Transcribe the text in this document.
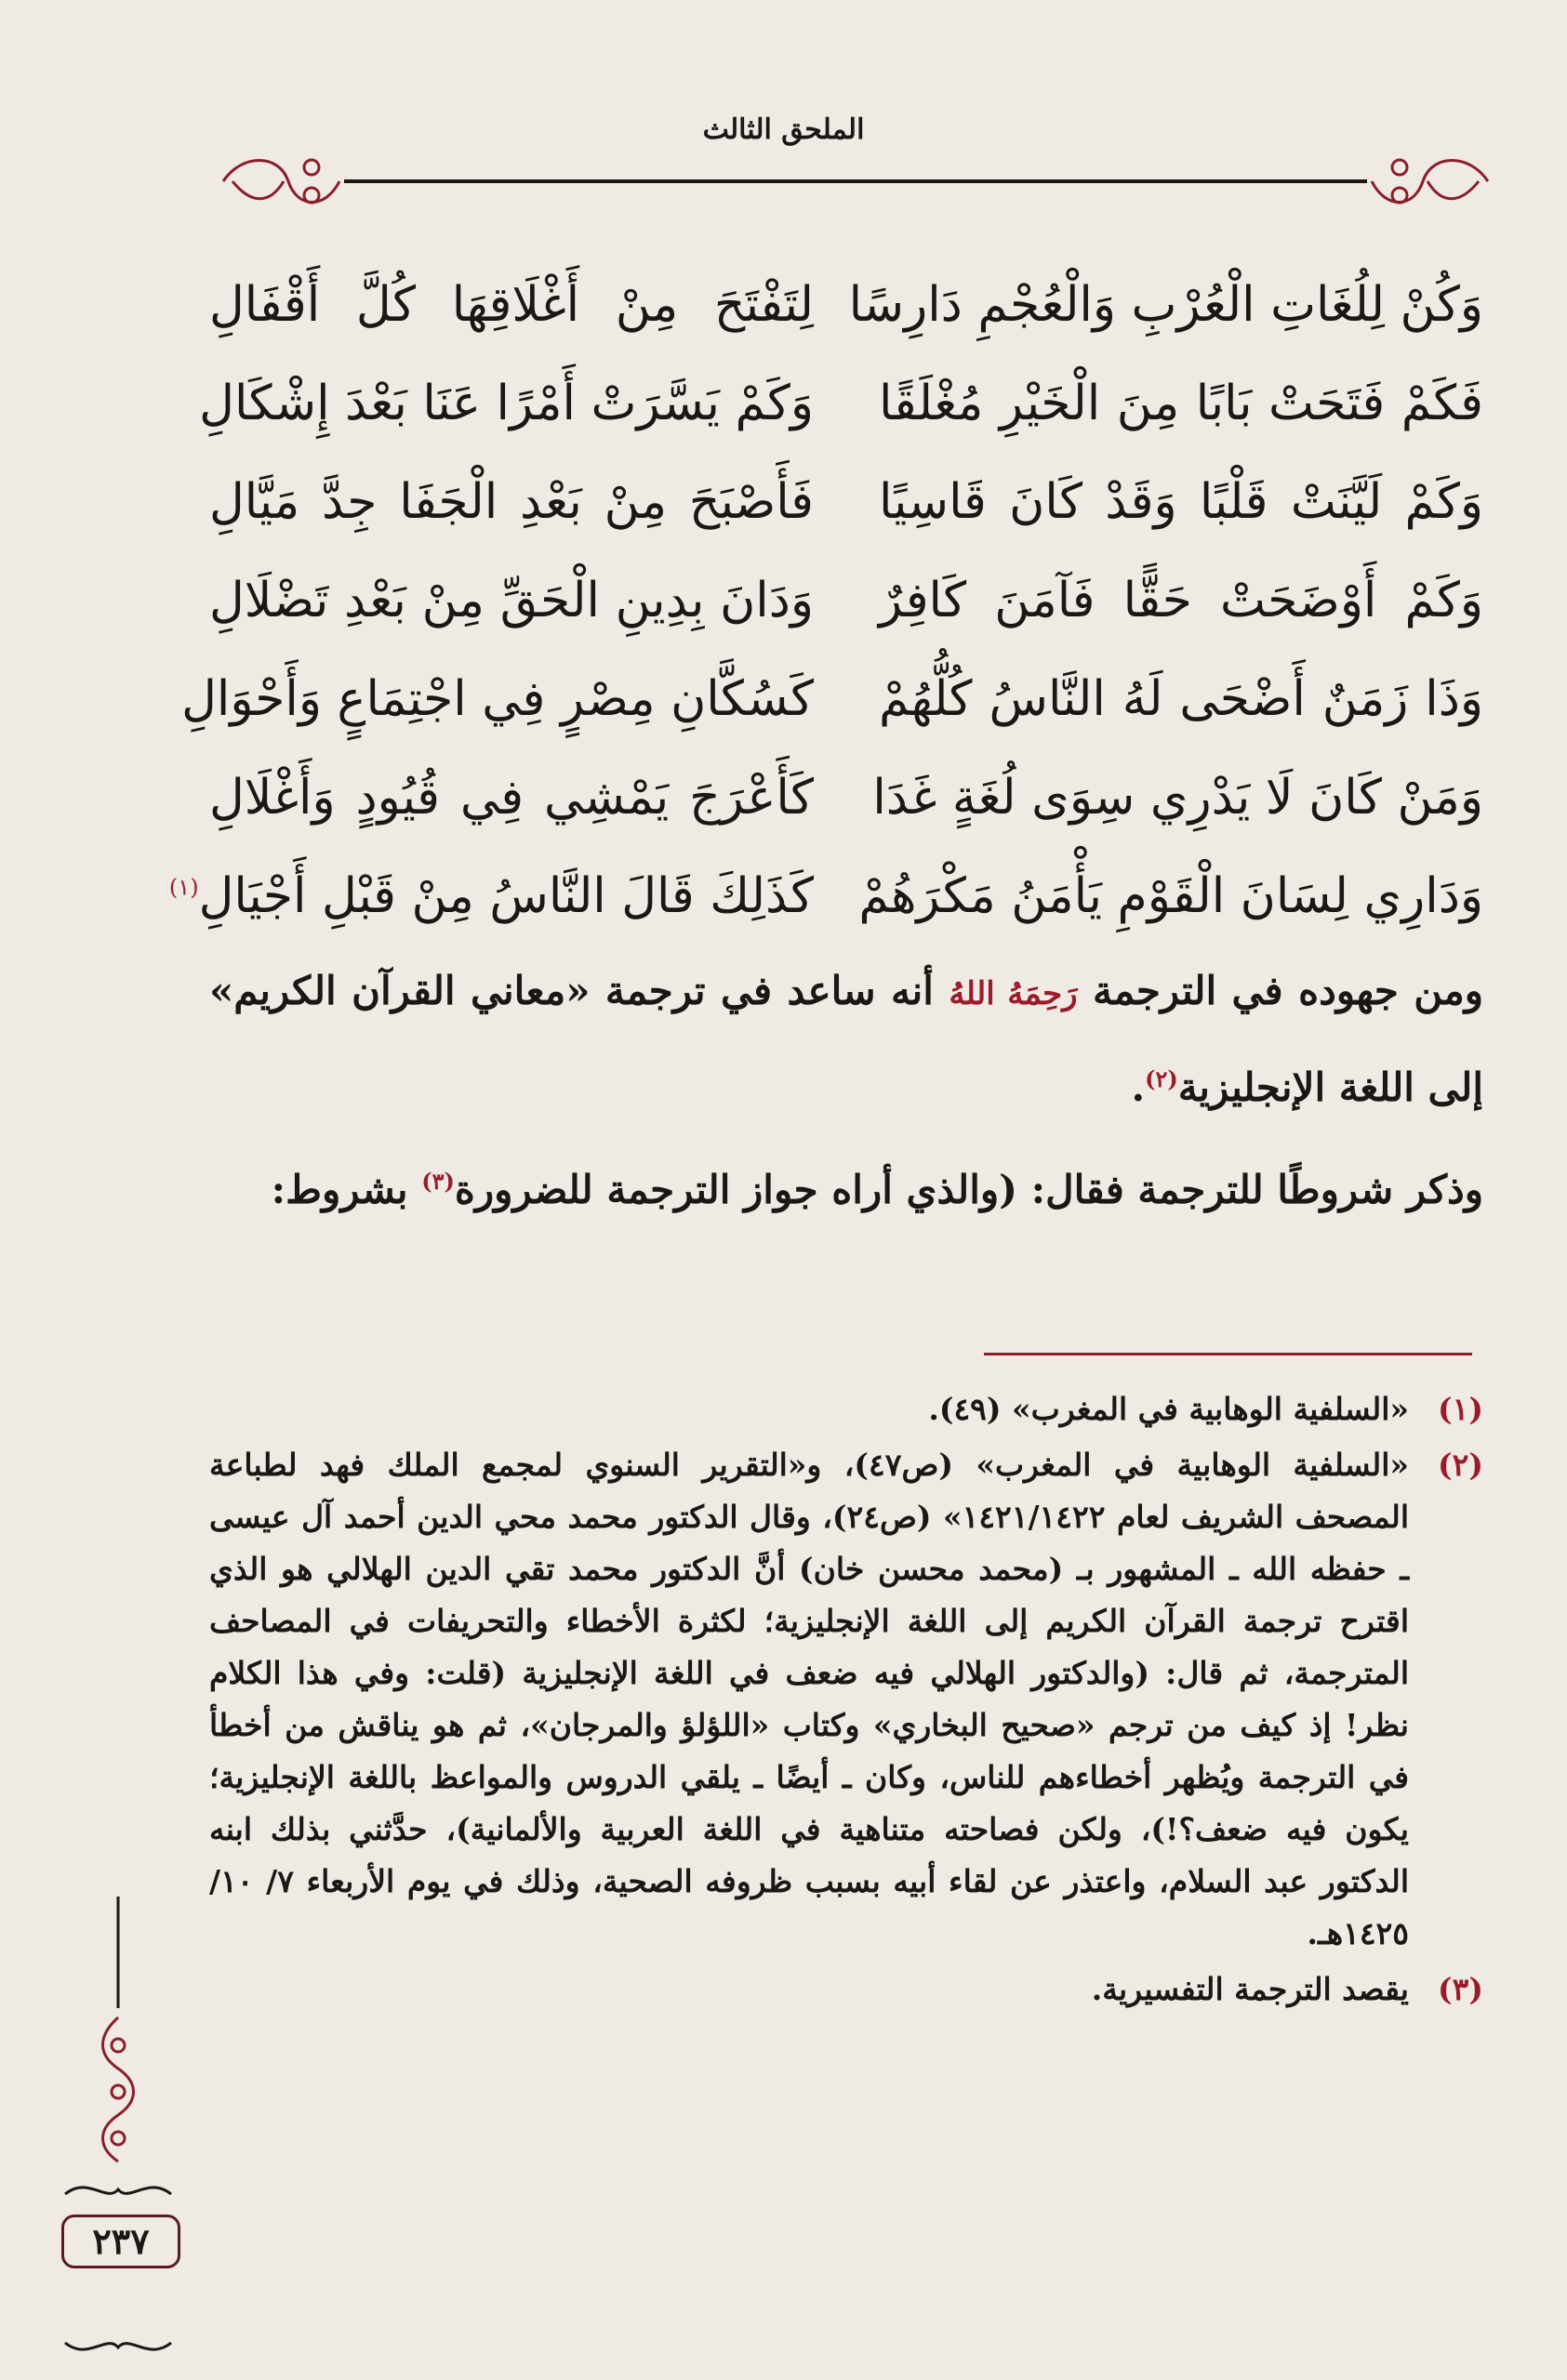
الملحق الثالث
وَكُنْ لِلُغَاتِ الْعُرْبِ وَالْعُجْمِ دَارِسًا
لِتَفْتَحَ مِنْ أَغْلَاقِهَا كُلَّ أَقْفَالِ
فَكَمْ فَتَحَتْ بَابًا مِنَ الْخَيْرِ مُغْلَقًا
وَكَمْ يَسَّرَتْ أَمْرًا عَنَا بَعْدَ إِشْكَالِ
وَكَمْ لَيَّنَتْ قَلْبًا وَقَدْ كَانَ قَاسِيًا
فَأَصْبَحَ مِنْ بَعْدِ الْجَفَا جِدَّ مَيَّالِ
وَكَمْ أَوْضَحَتْ حَقًّا فَآمَنَ كَافِرٌ
وَدَانَ بِدِينِ الْحَقِّ مِنْ بَعْدِ تَضْلَالِ
وَذَا زَمَنٌ أَضْحَى لَهُ النَّاسُ كُلُّهُمْ
كَسُكَّانِ مِصْرٍ فِي اجْتِمَاعٍ وَأَحْوَالِ
وَمَنْ كَانَ لَا يَدْرِي سِوَى لُغَةٍ غَدَا
كَأَعْرَجَ يَمْشِي فِي قُيُودٍ وَأَغْلَالِ
وَدَارِي لِسَانَ الْقَوْمِ يَأْمَنُ مَكْرَهُمْ
كَذَلِكَ قَالَ النَّاسُ مِنْ قَبْلِ أَجْيَالِ$^{(١)}$
ومن جهوده في الترجمة رَحِمَهُ اللهُ أنه ساعد في ترجمة «معاني القرآن الكريم» إلى اللغة الإنجليزية$^{(٢)}$.
وذكر شروطًا للترجمة فقال: (والذي أراه جواز الترجمة للضرورة$^{(٣)}$ بشروط:
(١)
«السلفية الوهابية في المغرب» (٤٩).
(٢)
«السلفية الوهابية في المغرب» (ص٤٧)، و«التقرير السنوي لمجمع الملك فهد لطباعة المصحف الشريف لعام ١٤٢١/١٤٢٢» (ص٢٤)، وقال الدكتور محمد محي الدين أحمد آل عيسى ـ حفظه الله ـ المشهور بـ (محمد محسن خان) أنَّ الدكتور محمد تقي الدين الهلالي هو الذي اقترح ترجمة القرآن الكريم إلى اللغة الإنجليزية؛ لكثرة الأخطاء والتحريفات في المصاحف المترجمة، ثم قال: (والدكتور الهلالي فيه ضعف في اللغة الإنجليزية (قلت: وفي هذا الكلام نظر! إذ كيف من ترجم «صحيح البخاري» وكتاب «اللؤلؤ والمرجان»، ثم هو يناقش من أخطأ في الترجمة ويُظهر أخطاءهم للناس، وكان ـ أيضًا ـ يلقي الدروس والمواعظ باللغة الإنجليزية؛ يكون فيه ضعف؟!)، ولكن فصاحته متناهية في اللغة العربية والألمانية)، حدَّثني بذلك ابنه الدكتور عبد السلام، واعتذر عن لقاء أبيه بسبب ظروفه الصحية، وذلك في يوم الأربعاء ٧/ ١٠/ ١٤٢٥هـ.
(٣)
يقصد الترجمة التفسيرية.
٢٣٧
